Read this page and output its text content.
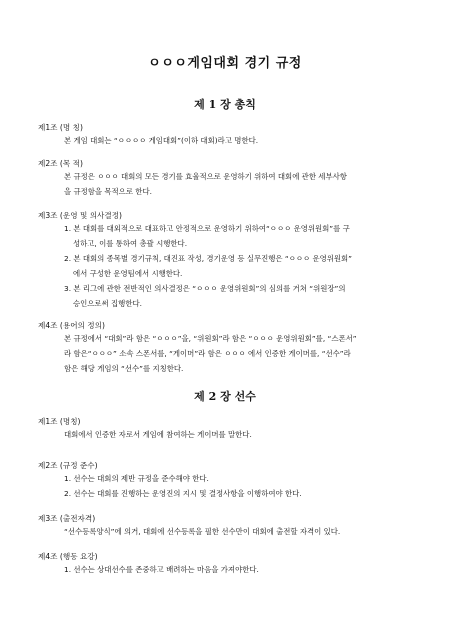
ㅇㅇㅇ게임대회 경기 규정
제 1 장 총칙
제1조 (명 칭)
본 게임 대회는 “ㅇㅇㅇㅇ 게임대회”(이하 대회)라고 명한다.
제2조 (목 적)
본 규정은 ㅇㅇㅇ 대회의 모든 경기를 효율적으로 운영하기 위하여 대회에 관한 세부사항
을 규정함을 목적으로 한다.
제3조 (운영 및 의사결정)
1. 본 대회를 대외적으로 대표하고 안정적으로 운영하기 위하여“ㅇㅇㅇ 운영위원회”를 구
성하고, 이를 통하여 총괄 시행한다.
2. 본 대회의 종목별 경기규칙, 대진표 작성, 경기운영 등 실무진행은 “ㅇㅇㅇ 운영위원회”
에서 구성한 운영팀에서 시행한다.
3. 본 리그에 관한 전반적인 의사결정은 “ㅇㅇㅇ 운영위원회”의 심의를 거쳐 “위원장”의
승인으로써 집행한다.
제4조 (용어의 정의)
본 규정에서 “대회”라 함은 “ㅇㅇㅇ”을, “위원회”라 함은 “ㅇㅇㅇ 운영위원회”를, “스폰서”
라 함은“ㅇㅇㅇ” 소속 스폰서를, “게이머”라 함은 ㅇㅇㅇ 에서 인증한 게이머를, “선수”라
함은 해당 게임의 “선수”를 지칭한다.
제 2 장 선수
제1조 (명칭)
대회에서 인증한 자로서 게임에 참여하는 게이머를 말한다.
제2조 (규정 준수)
1. 선수는 대회의 제반 규정을 준수해야 한다.
2. 선수는 대회를 진행하는 운영진의 지시 및 결정사항을 이행하여야 한다.
제3조 (출전자격)
“선수등록양식”에 의거, 대회에 선수등록을 필한 선수만이 대회에 출전할 자격이 있다.
제4조 (행동 요강)
1. 선수는 상대선수를 존중하고 배려하는 마음을 가져야한다.
